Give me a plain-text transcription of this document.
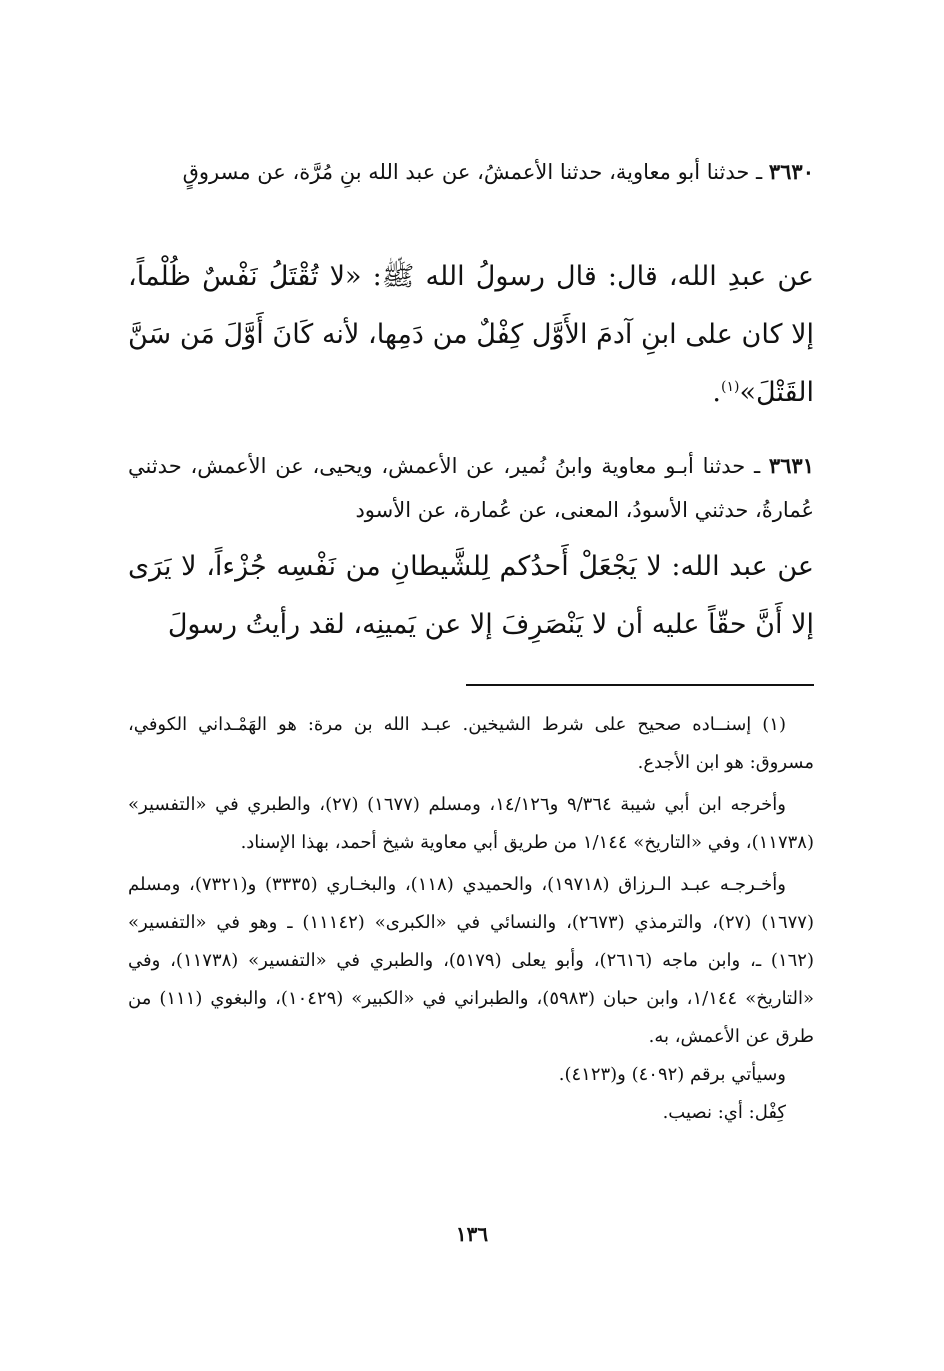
٣٦٣٠ ـ حدثنا أبو معاوية، حدثنا الأعمشُ، عن عبد الله بنِ مُرَّة، عن مسروقٍ
عن عبدِ الله، قال: قال رسولُ الله ﷺ: «لا تُقْتَلُ نَفْسٌ ظُلْماً، إلا كان على ابنِ آدمَ الأَوَّل كِفْلٌ من دَمِها، لأنه كَانَ أَوَّلَ مَن سَنَّ القَتْلَ»$^{(١)}$.
٣٦٣١ ـ حدثنا أبـو معاوية وابنُ نُمير، عن الأعمش، ويحيى، عن الأعمش، حدثني عُمارةُ، حدثني الأسودُ، المعنى، عن عُمارة، عن الأسود
عن عبد الله: لا يَجْعَلْ أَحدُكم لِلشَّيطانِ من نَفْسِه جُزْءاً، لا يَرَى إلا أَنَّ حقّاً عليه أن لا يَنْصَرِفَ إلا عن يَمينِه، لقد رأيتُ رسولَ

(١) إسنــاده صحيح على شرط الشيخين. عبـد الله بن مرة: هو الهَمْـداني الكوفي، مسروق: هو ابن الأجدع.

وأخرجه ابن أبي شيبة ٩/٣٦٤ و١٤/١٢٦، ومسلم (١٦٧٧) (٢٧)، والطبري في «التفسير» (١١٧٣٨)، وفي «التاريخ» ١/١٤٤ من طريق أبي معاوية شيخ أحمد، بهذا الإسناد.

وأخـرجـه عبـد الـرزاق (١٩٧١٨)، والحميدي (١١٨)، والبخـاري (٣٣٣٥) و(٧٣٢١)، ومسلم (١٦٧٧) (٢٧)، والترمذي (٢٦٧٣)، والنسائي في «الكبرى» (١١١٤٢) ـ وهو في «التفسير» (١٦٢) ـ، وابن ماجه (٢٦١٦)، وأبو يعلى (٥١٧٩)، والطبري في «التفسير» (١١٧٣٨)، وفي «التاريخ» ١/١٤٤، وابن حبان (٥٩٨٣)، والطبراني في «الكبير» (١٠٤٢٩)، والبغوي (١١١) من طرق عن الأعمش، به.

وسيأتي برقم (٤٠٩٢) و(٤١٢٣).

كِفْل: أي: نصيب.

١٣٦
